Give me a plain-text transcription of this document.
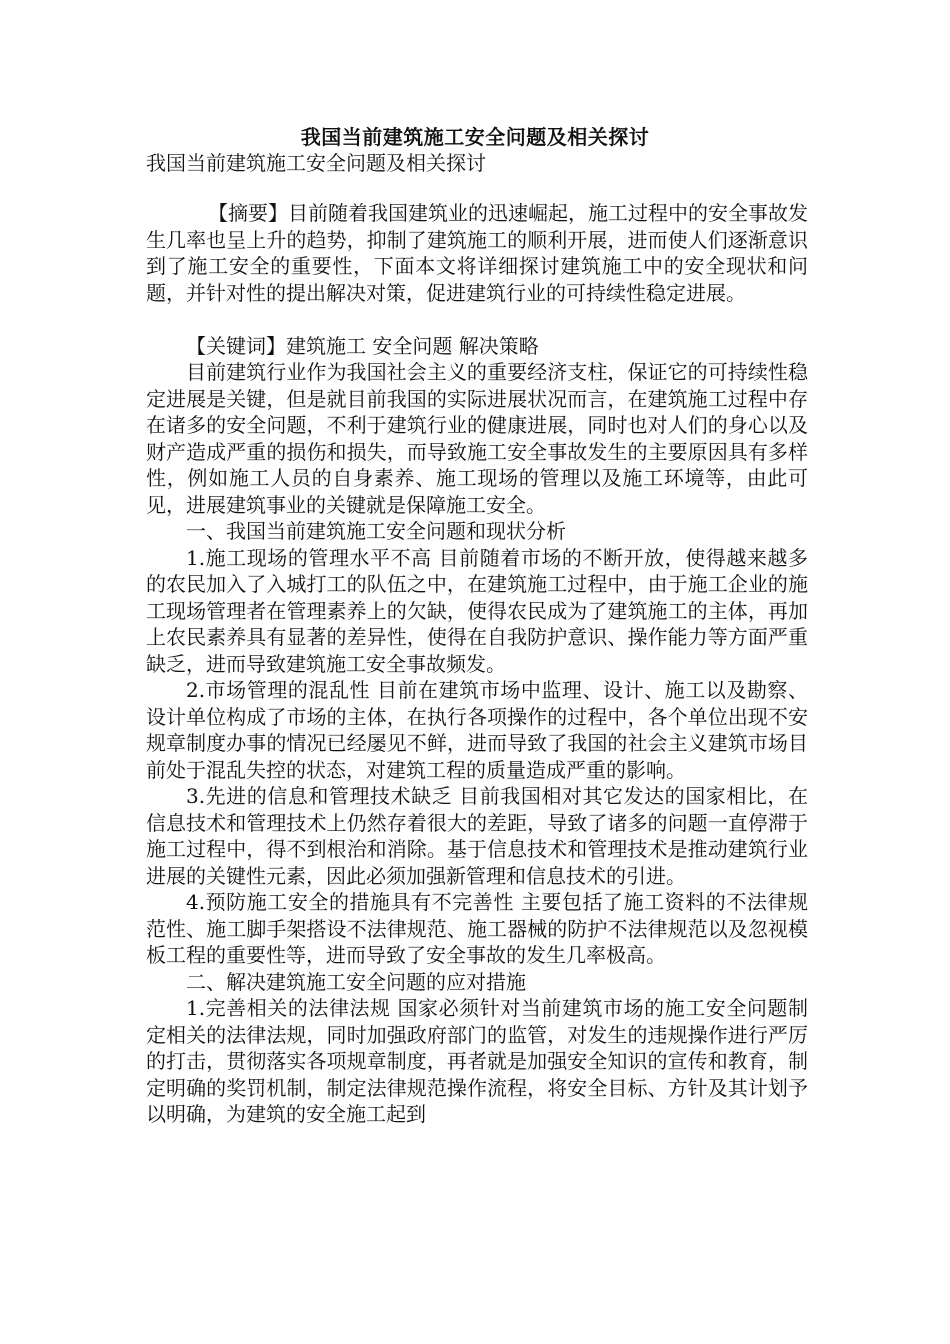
我国当前建筑施工安全问题及相关探讨
我国当前建筑施工安全问题及相关探讨

【摘要】目前随着我国建筑业的迅速崛起，施工过程中的安全事故发生几率也呈上升的趋势，抑制了建筑施工的顺利开展，进而使人们逐渐意识到了施工安全的重要性，下面本文将详细探讨建筑施工中的安全现状和问题，并针对性的提出解决对策，促进建筑行业的可持续性稳定进展。

【关键词】建筑施工 安全问题 解决策略

目前建筑行业作为我国社会主义的重要经济支柱，保证它的可持续性稳定进展是关键，但是就目前我国的实际进展状况而言，在建筑施工过程中存在诸多的安全问题，不利于建筑行业的健康进展，同时也对人们的身心以及财产造成严重的损伤和损失，而导致施工安全事故发生的主要原因具有多样性，例如施工人员的自身素养、施工现场的管理以及施工环境等，由此可见，进展建筑事业的关键就是保障施工安全。

一、我国当前建筑施工安全问题和现状分析

1.施工现场的管理水平不高 目前随着市场的不断开放，使得越来越多的农民加入了入城打工的队伍之中，在建筑施工过程中，由于施工企业的施工现场管理者在管理素养上的欠缺，使得农民成为了建筑施工的主体，再加上农民素养具有显著的差异性，使得在自我防护意识、操作能力等方面严重缺乏，进而导致建筑施工安全事故频发。

2.市场管理的混乱性 目前在建筑市场中监理、设计、施工以及勘察、设计单位构成了市场的主体，在执行各项操作的过程中，各个单位出现不安规章制度办事的情况已经屡见不鲜，进而导致了我国的社会主义建筑市场目前处于混乱失控的状态，对建筑工程的质量造成严重的影响。

3.先进的信息和管理技术缺乏 目前我国相对其它发达的国家相比，在信息技术和管理技术上仍然存着很大的差距，导致了诸多的问题一直停滞于施工过程中，得不到根治和消除。基于信息技术和管理技术是推动建筑行业进展的关键性元素，因此必须加强新管理和信息技术的引进。

4.预防施工安全的措施具有不完善性 主要包括了施工资料的不法律规范性、施工脚手架搭设不法律规范、施工器械的防护不法律规范以及忽视模板工程的重要性等，进而导致了安全事故的发生几率极高。

二、解决建筑施工安全问题的应对措施

1.完善相关的法律法规 国家必须针对当前建筑市场的施工安全问题制定相关的法律法规，同时加强政府部门的监管，对发生的违规操作进行严厉的打击，贯彻落实各项规章制度，再者就是加强安全知识的宣传和教育，制定明确的奖罚机制，制定法律规范操作流程，将安全目标、方针及其计划予以明确，为建筑的安全施工起到
